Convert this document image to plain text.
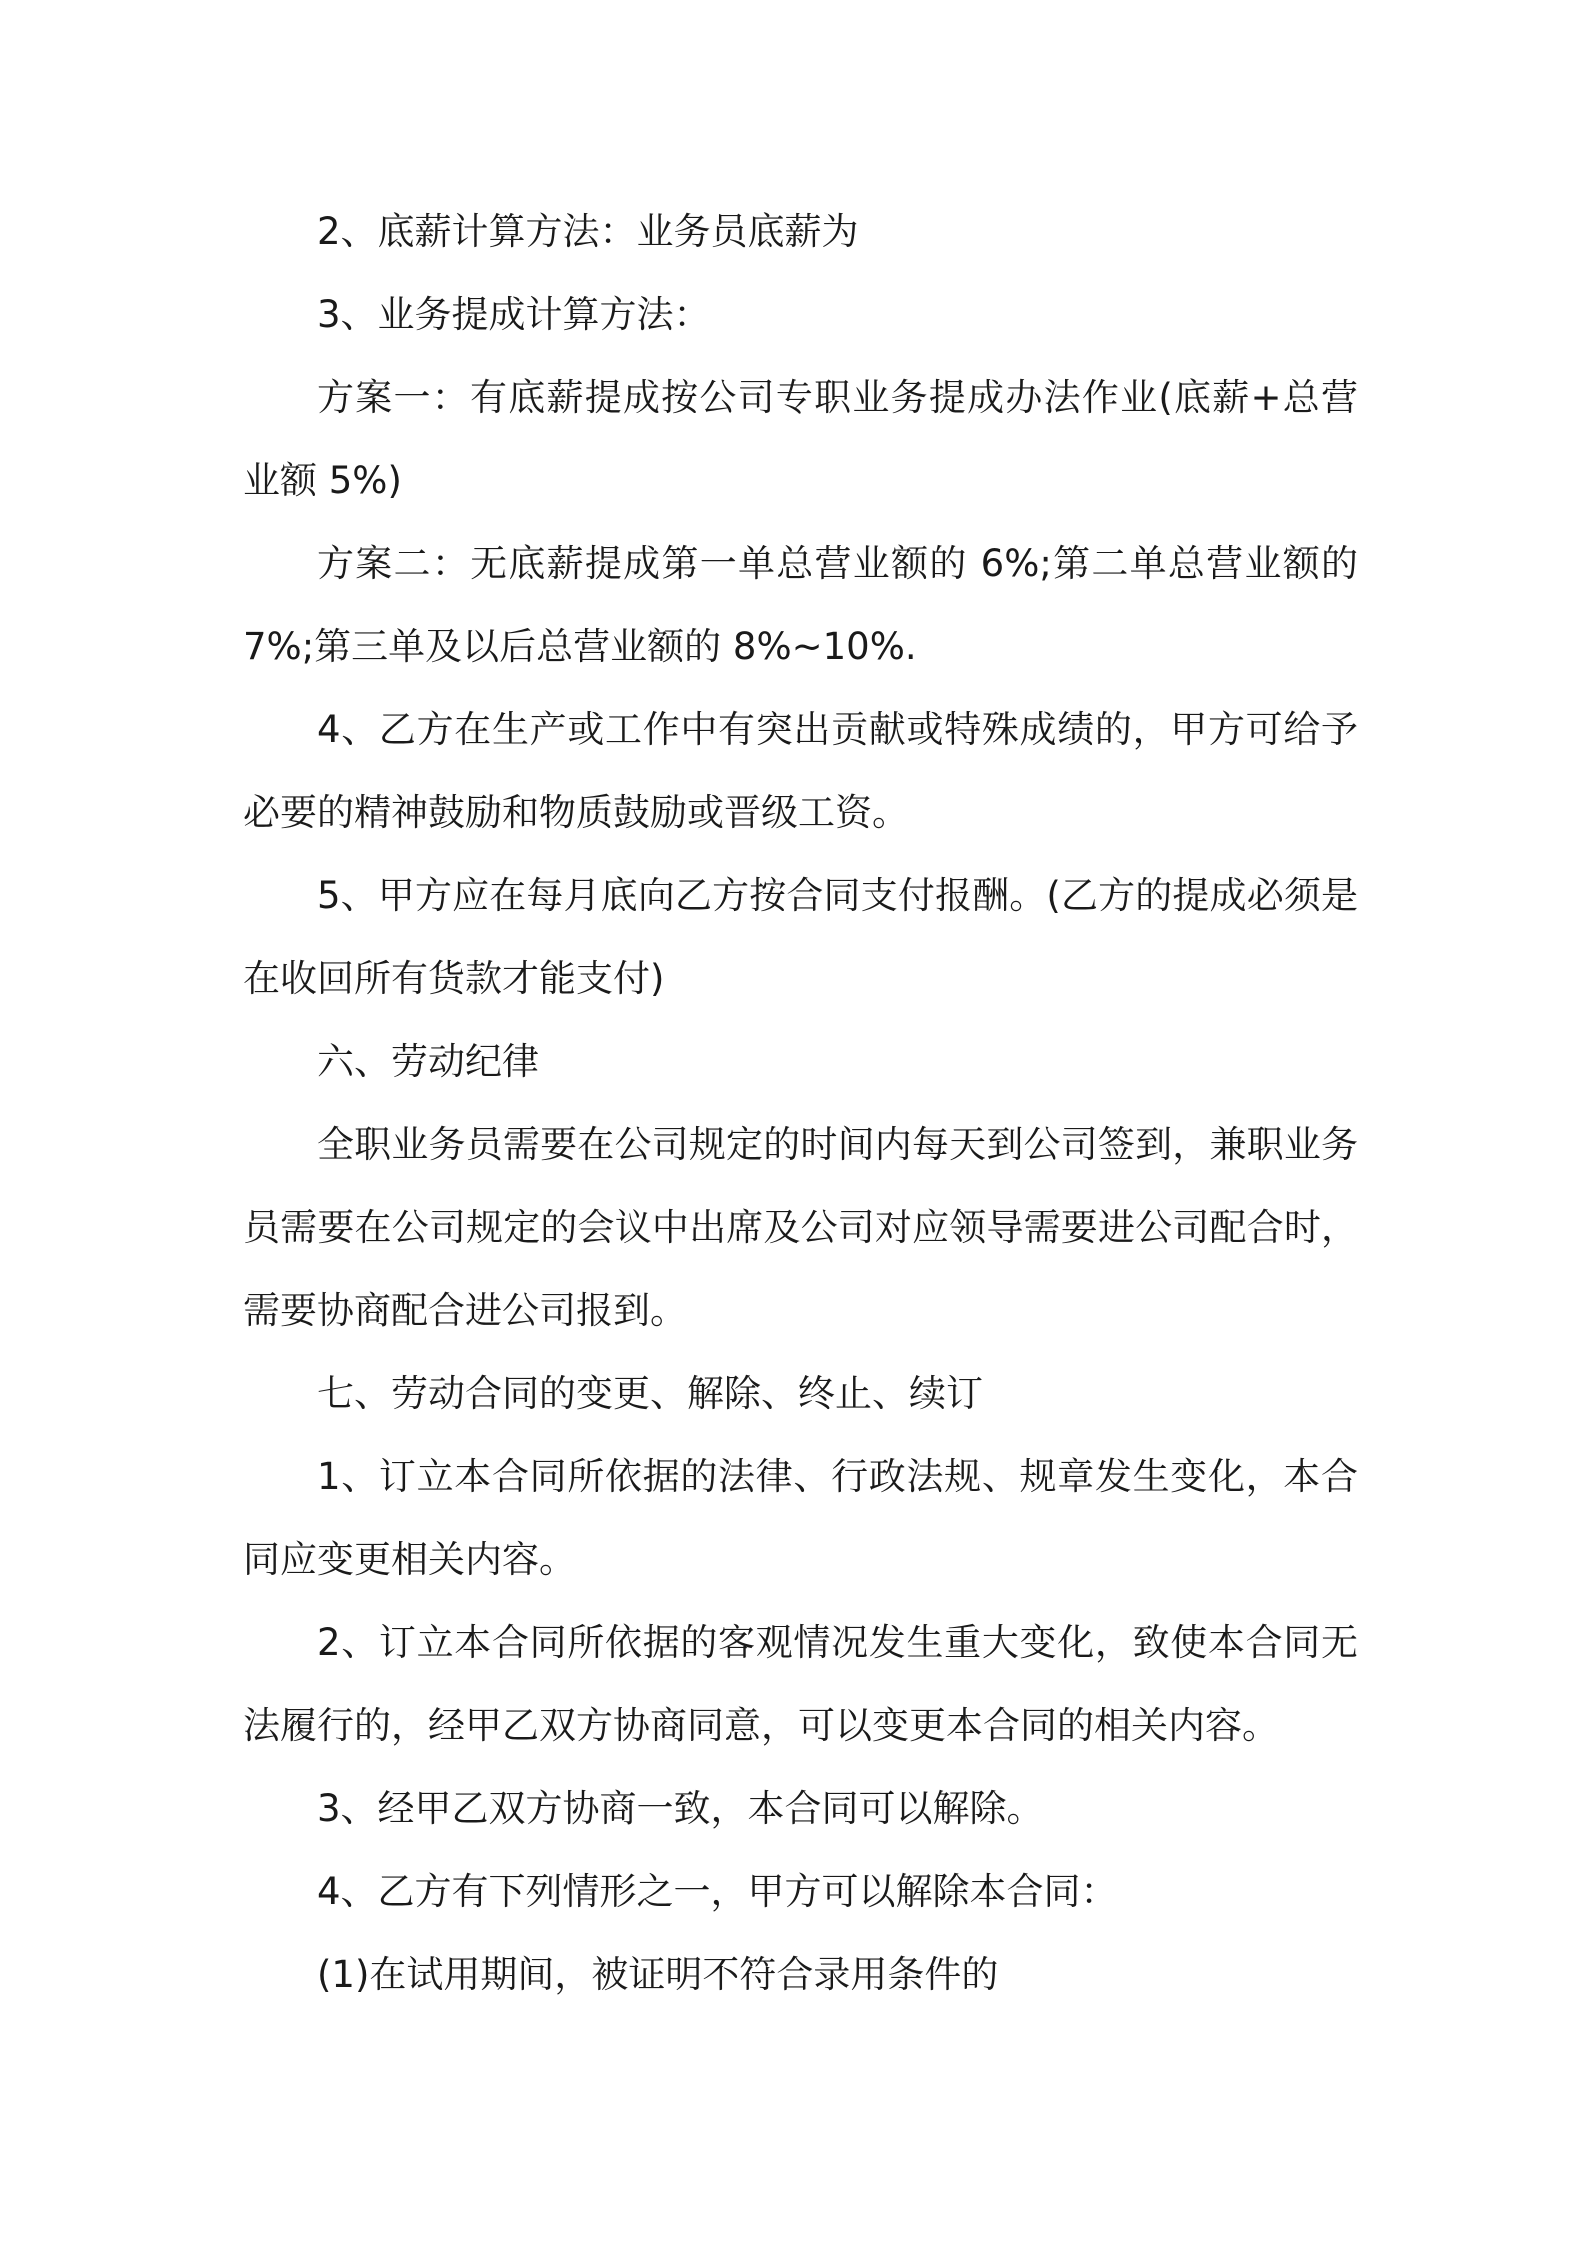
2、底薪计算方法：业务员底薪为

3、业务提成计算方法：

方案一：有底薪提成按公司专职业务提成办法作业(底薪+总营业额 5%)

方案二：无底薪提成第一单总营业额的 6%;第二单总营业额的 7%;第三单及以后总营业额的 8%~10%.

4、乙方在生产或工作中有突出贡献或特殊成绩的，甲方可给予必要的精神鼓励和物质鼓励或晋级工资。

5、甲方应在每月底向乙方按合同支付报酬。(乙方的提成必须是在收回所有货款才能支付)

六、劳动纪律

全职业务员需要在公司规定的时间内每天到公司签到，兼职业务员需要在公司规定的会议中出席及公司对应领导需要进公司配合时，需要协商配合进公司报到。

七、劳动合同的变更、解除、终止、续订

1、订立本合同所依据的法律、行政法规、规章发生变化，本合同应变更相关内容。

2、订立本合同所依据的客观情况发生重大变化，致使本合同无法履行的，经甲乙双方协商同意，可以变更本合同的相关内容。

3、经甲乙双方协商一致，本合同可以解除。

4、乙方有下列情形之一，甲方可以解除本合同：

(1)在试用期间，被证明不符合录用条件的
